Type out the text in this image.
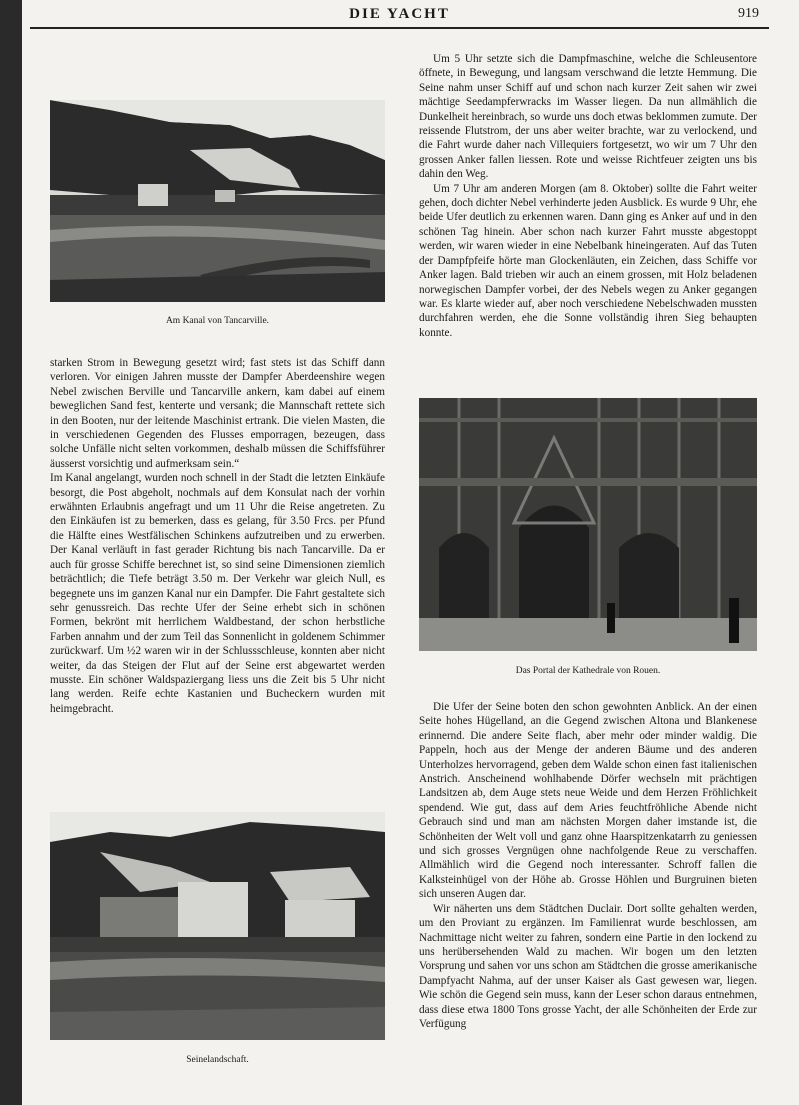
DIE YACHT	919
Am Kanal von Tancarville.
Das Portal der Kathedrale von Rouen.
Seinelandschaft.

starken Strom in Bewegung gesetzt wird; fast stets ist das Schiff dann verloren. Vor einigen Jahren musste der Dampfer Aberdeenshire wegen Nebel zwischen Berville und Tancarville ankern, kam dabei auf einem beweglichen Sand fest, kenterte und versank; die Mannschaft rettete sich in den Booten, nur der leitende Maschinist ertrank. Die vielen Masten, die in verschiedenen Gegenden des Flusses emporragen, bezeugen, dass solche Unfälle nicht selten vorkommen, deshalb müssen die Schiffsführer äusserst vorsichtig und aufmerksam sein.“

Im Kanal angelangt, wurden noch schnell in der Stadt die letzten Einkäufe besorgt, die Post abgeholt, nochmals auf dem Konsulat nach der vorhin erwähnten Erlaubnis angefragt und um 11 Uhr die Reise angetreten. Zu den Einkäufen ist zu bemerken, dass es gelang, für 3.50 Frcs. per Pfund die Hälfte eines Westfälischen Schinkens aufzutreiben und zu erwerben. Der Kanal verläuft in fast gerader Richtung bis nach Tancarville. Da er auch für grosse Schiffe berechnet ist, so sind seine Dimensionen ziemlich beträchtlich; die Tiefe beträgt 3.50 m. Der Verkehr war gleich Null, es begegnete uns im ganzen Kanal nur ein Dampfer. Die Fahrt gestaltete sich sehr genussreich. Das rechte Ufer der Seine erhebt sich in schönen Formen, bekrönt mit herrlichem Waldbestand, der schon herbstliche Farben annahm und der zum Teil das Sonnenlicht in goldenem Schimmer zurückwarf. Um ½2 waren wir in der Schlussschleuse, konnten aber nicht weiter, da das Steigen der Flut auf der Seine erst abgewartet werden musste. Ein schöner Waldspaziergang liess uns die Zeit bis 5 Uhr nicht lang werden. Reife echte Kastanien und Bucheckern wurden mit heimgebracht.

Um 5 Uhr setzte sich die Dampfmaschine, welche die Schleusentore öffnete, in Bewegung, und langsam verschwand die letzte Hemmung. Die Seine nahm unser Schiff auf und schon nach kurzer Zeit sahen wir zwei mächtige Seedampferwracks im Wasser liegen. Da nun allmählich die Dunkelheit hereinbrach, so wurde uns doch etwas beklommen zumute. Der reissende Flutstrom, der uns aber weiter brachte, war zu verlockend, und die Fahrt wurde daher nach Villequiers fortgesetzt, wo wir um 7 Uhr den grossen Anker fallen liessen. Rote und weisse Richtfeuer zeigten uns bis dahin den Weg.

Um 7 Uhr am anderen Morgen (am 8. Oktober) sollte die Fahrt weiter gehen, doch dichter Nebel verhinderte jeden Ausblick. Es wurde 9 Uhr, ehe beide Ufer deutlich zu erkennen waren. Dann ging es Anker auf und in den schönen Tag hinein. Aber schon nach kurzer Fahrt musste abgestoppt werden, wir waren wieder in eine Nebelbank hineingeraten. Auf das Tuten der Dampfpfeife hörte man Glockenläuten, ein Zeichen, dass Schiffe vor Anker lagen. Bald trieben wir auch an einem grossen, mit Holz beladenen norwegischen Dampfer vorbei, der des Nebels wegen zu Anker gegangen war. Es klarte wieder auf, aber noch verschiedene Nebelschwaden mussten durchfahren werden, ehe die Sonne vollständig ihren Sieg behaupten konnte.

Die Ufer der Seine boten den schon gewohnten Anblick. An der einen Seite hohes Hügelland, an die Gegend zwischen Altona und Blankenese erinnernd. Die andere Seite flach, aber mehr oder minder waldig. Die Pappeln, hoch aus der Menge der anderen Bäume und des anderen Unterholzes hervorragend, geben dem Walde schon einen fast italienischen Anstrich. Anscheinend wohlhabende Dörfer wechseln mit prächtigen Landsitzen ab, dem Auge stets neue Weide und dem Herzen Fröhlichkeit spendend. Wie gut, dass auf dem Aries feuchtfröhliche Abende nicht Gebrauch sind und man am nächsten Morgen daher imstande ist, die Schönheiten der Welt voll und ganz ohne Haarspitzenkatarrh zu geniessen und sich grosses Vergnügen ohne nachfolgende Reue zu verschaffen. Allmählich wird die Gegend noch interessanter. Schroff fallen die Kalksteinhügel von der Höhe ab. Grosse Höhlen und Burgruinen bieten sich unseren Augen dar.

Wir näherten uns dem Städtchen Duclair. Dort sollte gehalten werden, um den Proviant zu ergänzen. Im Familienrat wurde beschlossen, am Nachmittage nicht weiter zu fahren, sondern eine Partie in den lockend zu uns herübersehenden Wald zu machen. Wir bogen um den letzten Vorsprung und sahen vor uns schon am Städtchen die grosse amerikanische Dampfyacht Nahma, auf der unser Kaiser als Gast gewesen war, liegen. Wie schön die Gegend sein muss, kann der Leser schon daraus entnehmen, dass diese etwa 1800 Tons grosse Yacht, der alle Schönheiten der Erde zur Verfügung
